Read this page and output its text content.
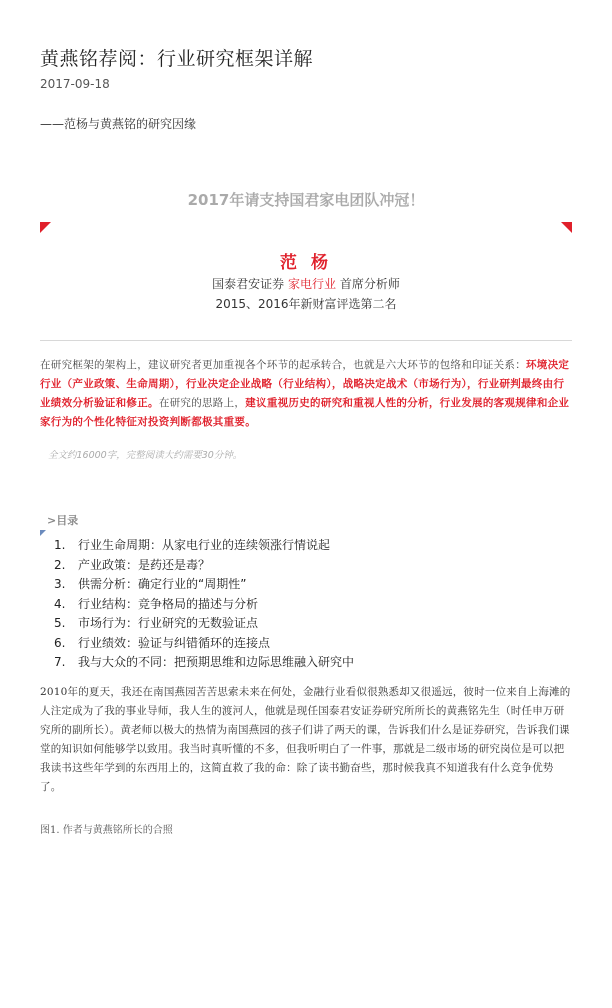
黄燕铭荐阅：行业研究框架详解
2017-09-18
——范杨与黄燕铭的研究因缘
2017年请支持国君家电团队冲冠！
范 杨
国泰君安证券 家电行业 首席分析师
2015、2016年新财富评选第二名
在研究框架的架构上，建议研究者更加重视各个环节的起承转合，也就是六大环节的包络和印证关系：环境决定行业（产业政策、生命周期），行业决定企业战略（行业结构），战略决定战术（市场行为），行业研判最终由行业绩效分析验证和修正。在研究的思路上，建议重视历史的研究和重视人性的分析，行业发展的客观规律和企业家行为的个性化特征对投资判断都极其重要。
全文约16000字，完整阅读大约需要30分钟。
>目录
1. 行业生命周期：从家电行业的连续领涨行情说起
2. 产业政策：是药还是毒？
3. 供需分析：确定行业的“周期性”
4. 行业结构：竞争格局的描述与分析
5. 市场行为：行业研究的无数验证点
6. 行业绩效：验证与纠错循环的连接点
7. 我与大众的不同：把预期思维和边际思维融入研究中
2010年的夏天，我还在南国燕园苦苦思索未来在何处，金融行业看似很熟悉却又很遥远，彼时一位来自上海滩的人注定成为了我的事业导师，我人生的渡河人，他就是现任国泰君安证券研究所所长的黄燕铭先生（时任申万研究所的副所长）。黄老师以极大的热情为南国燕园的孩子们讲了两天的课，告诉我们什么是证券研究，告诉我们课堂的知识如何能够学以致用。我当时真听懂的不多，但我听明白了一件事，那就是二级市场的研究岗位是可以把我读书这些年学到的东西用上的，这简直救了我的命：除了读书勤奋些，那时候我真不知道我有什么竞争优势了。
图1. 作者与黄燕铭所长的合照
